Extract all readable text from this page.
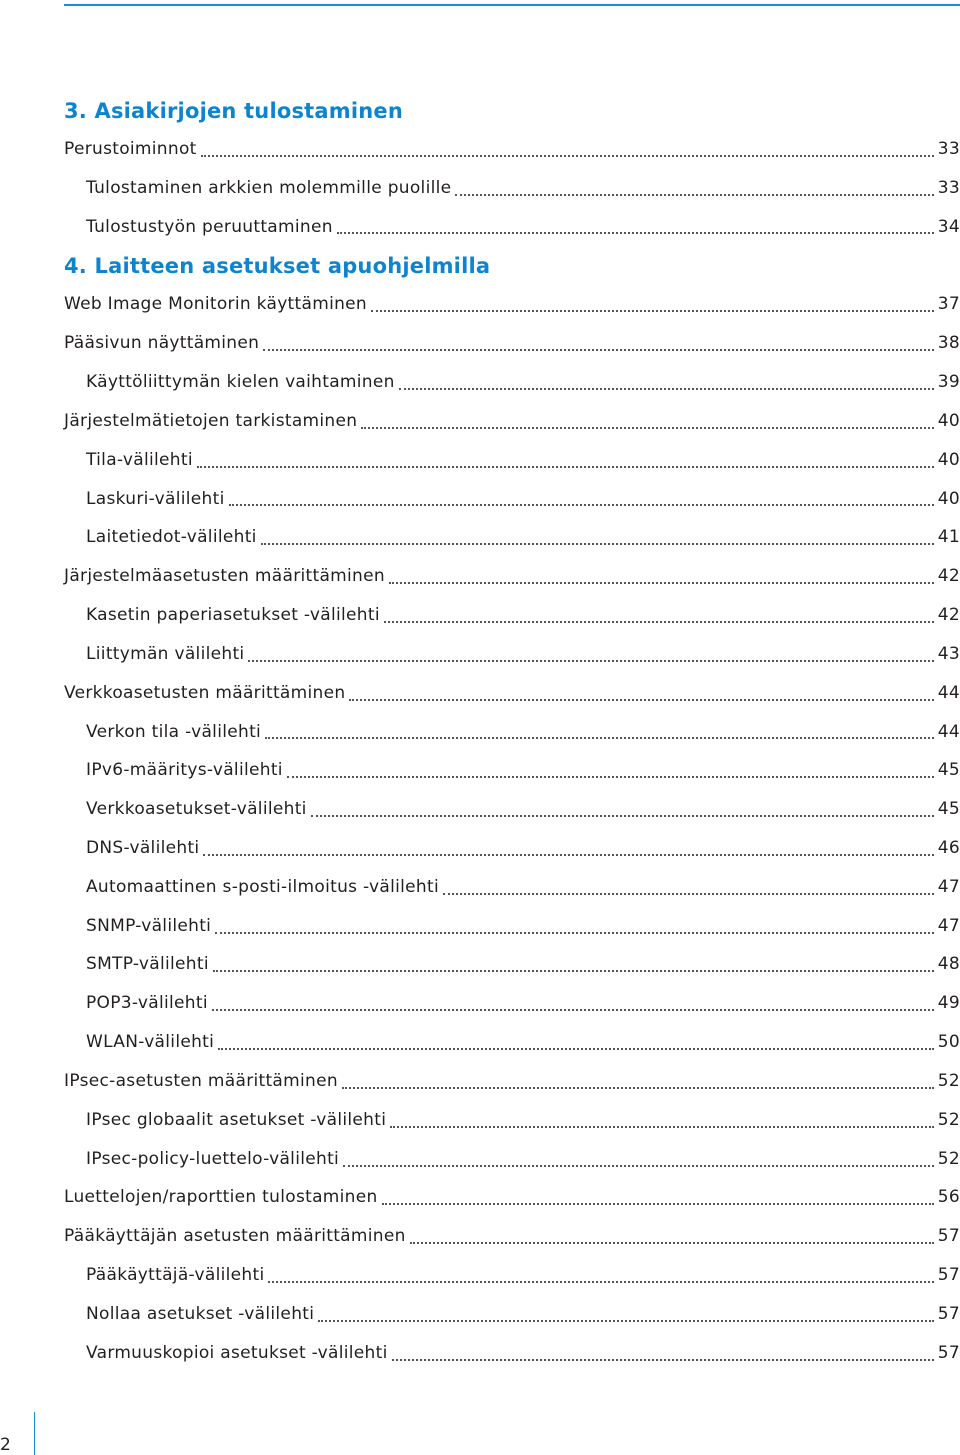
3. Asiakirjojen tulostaminen
Perustoiminnot	33
Tulostaminen arkkien molemmille puolille	33
Tulostustyön peruuttaminen	34
4. Laitteen asetukset apuohjelmilla
Web Image Monitorin käyttäminen	37
Pääsivun näyttäminen	38
Käyttöliittymän kielen vaihtaminen	39
Järjestelmätietojen tarkistaminen	40
Tila-välilehti	40
Laskuri-välilehti	40
Laitetiedot-välilehti	41
Järjestelmäasetusten määrittäminen	42
Kasetin paperiasetukset -välilehti	42
Liittymän välilehti	43
Verkkoasetusten määrittäminen	44
Verkon tila -välilehti	44
IPv6-määritys-välilehti	45
Verkkoasetukset-välilehti	45
DNS-välilehti	46
Automaattinen s-posti-ilmoitus -välilehti	47
SNMP-välilehti	47
SMTP-välilehti	48
POP3-välilehti	49
WLAN-välilehti	50
IPsec-asetusten määrittäminen	52
IPsec globaalit asetukset -välilehti	52
IPsec-policy-luettelo-välilehti	52
Luettelojen/raporttien tulostaminen	56
Pääkäyttäjän asetusten määrittäminen	57
Pääkäyttäjä-välilehti	57
Nollaa asetukset -välilehti	57
Varmuuskopioi asetukset -välilehti	57
2
